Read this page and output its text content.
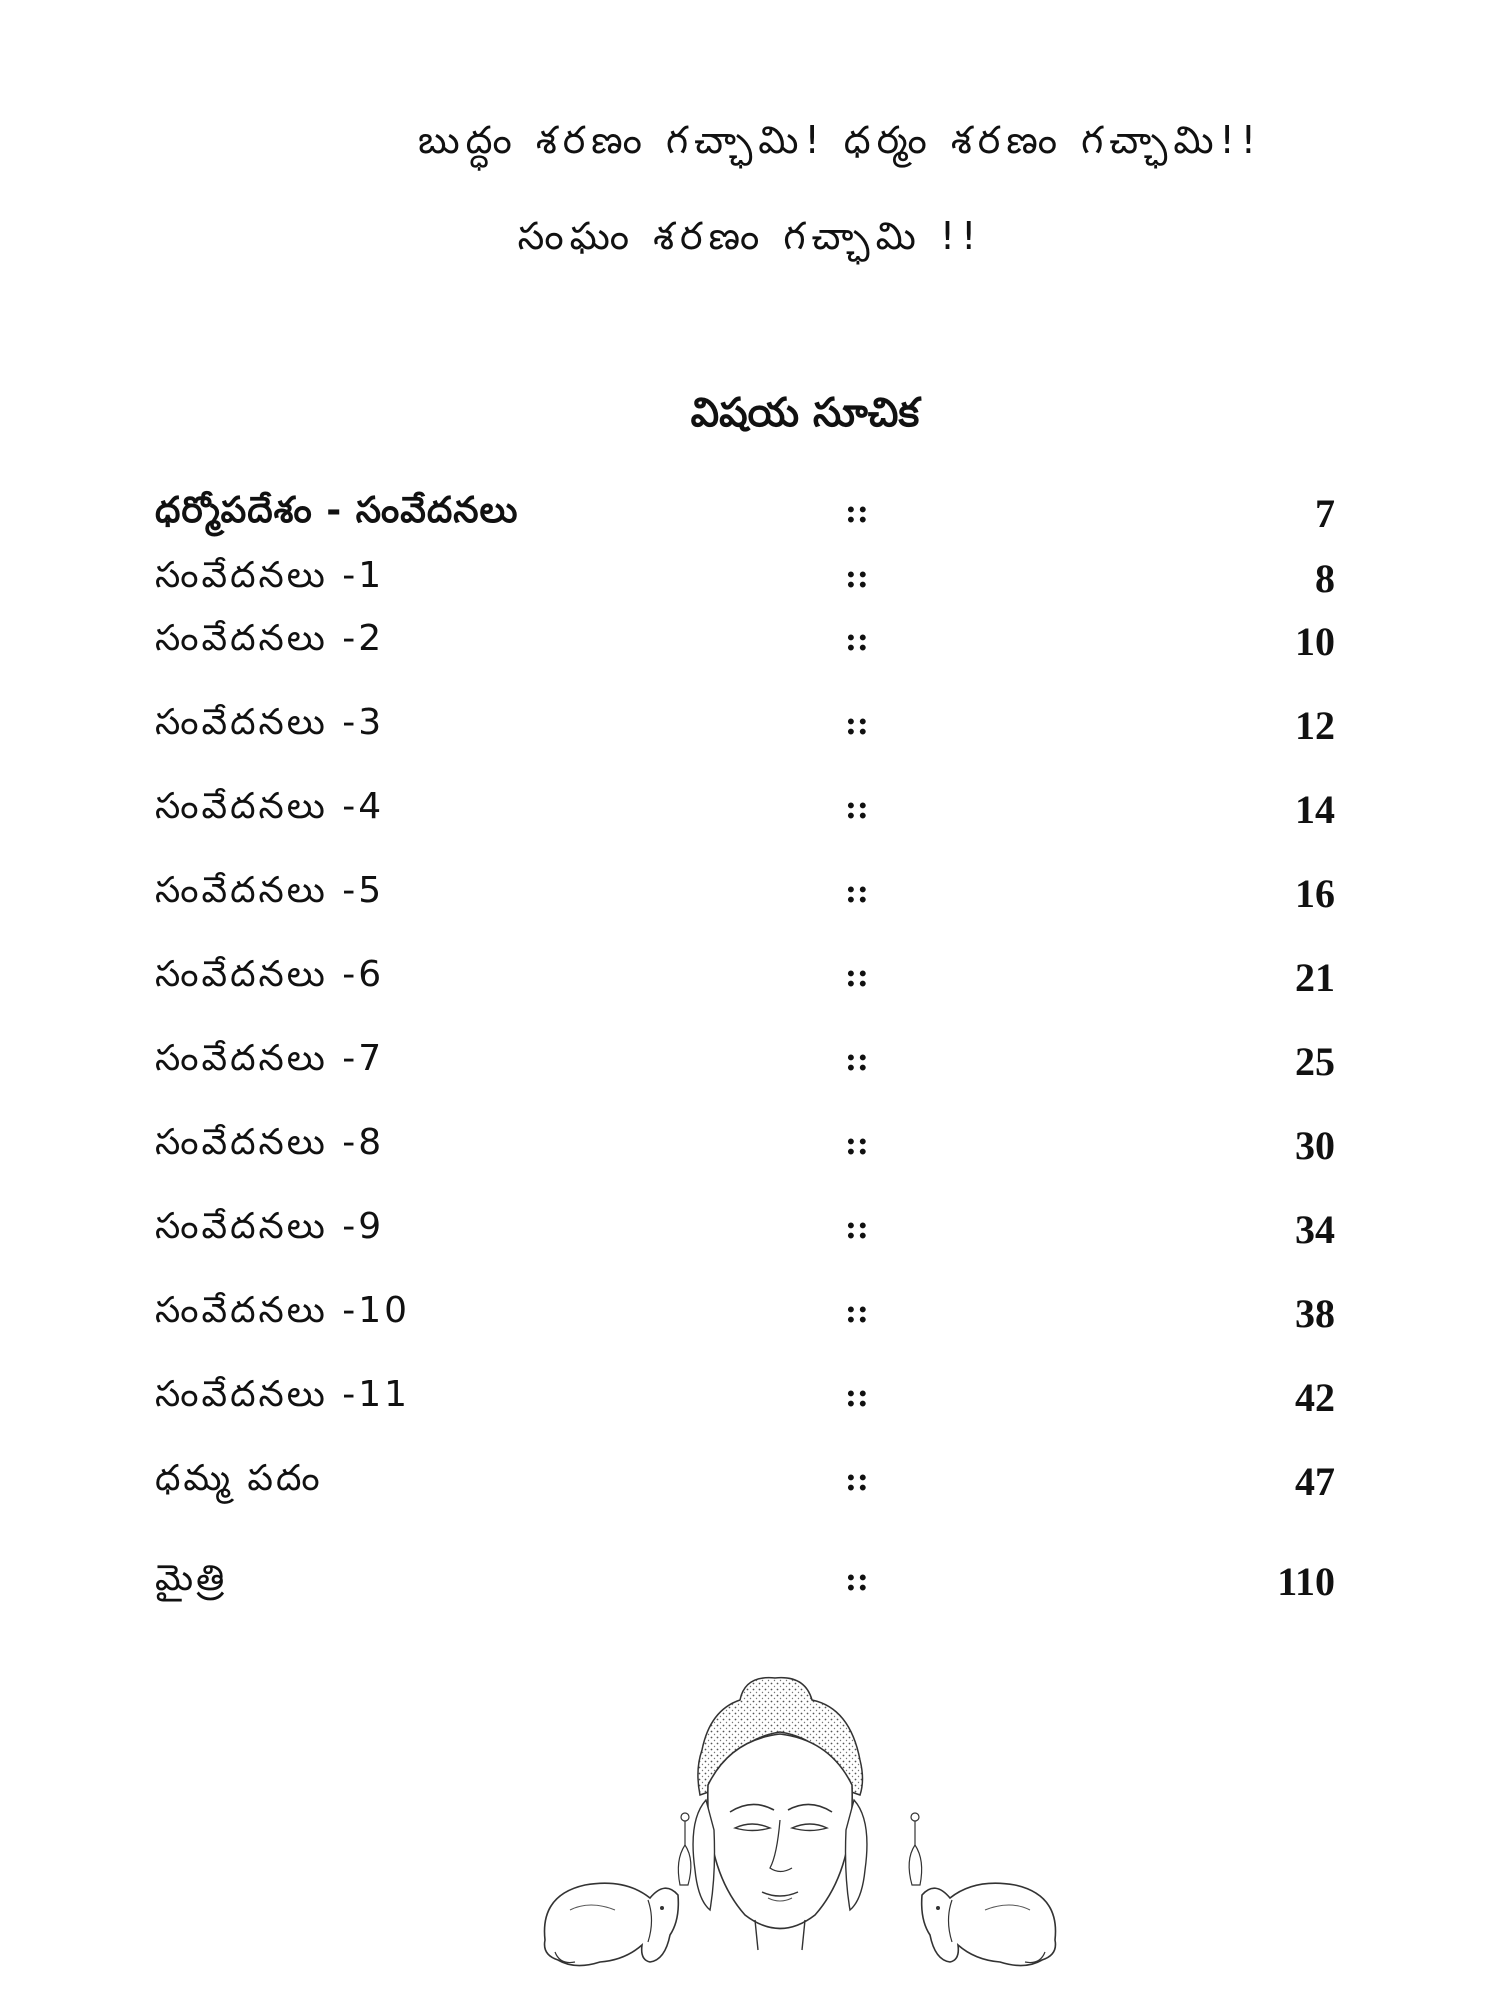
బుద్ధం శరణం గచ్ఛామి! ధర్మం శరణం గచ్ఛామి!!
సంఘం శరణం గచ్ఛామి !!
విషయ సూచిక
ధర్మోపదేశం - సంవేదనలు	::	7
సంవేదనలు -1	::	8
సంవేదనలు -2	::	10
సంవేదనలు -3	::	12
సంవేదనలు -4	::	14
సంవేదనలు -5	::	16
సంవేదనలు -6	::	21
సంవేదనలు -7	::	25
సంవేదనలు -8	::	30
సంవేదనలు -9	::	34
సంవేదనలు -10	::	38
సంవేదనలు -11	::	42
ధమ్మ పదం	::	47
మైత్రి	::	110
